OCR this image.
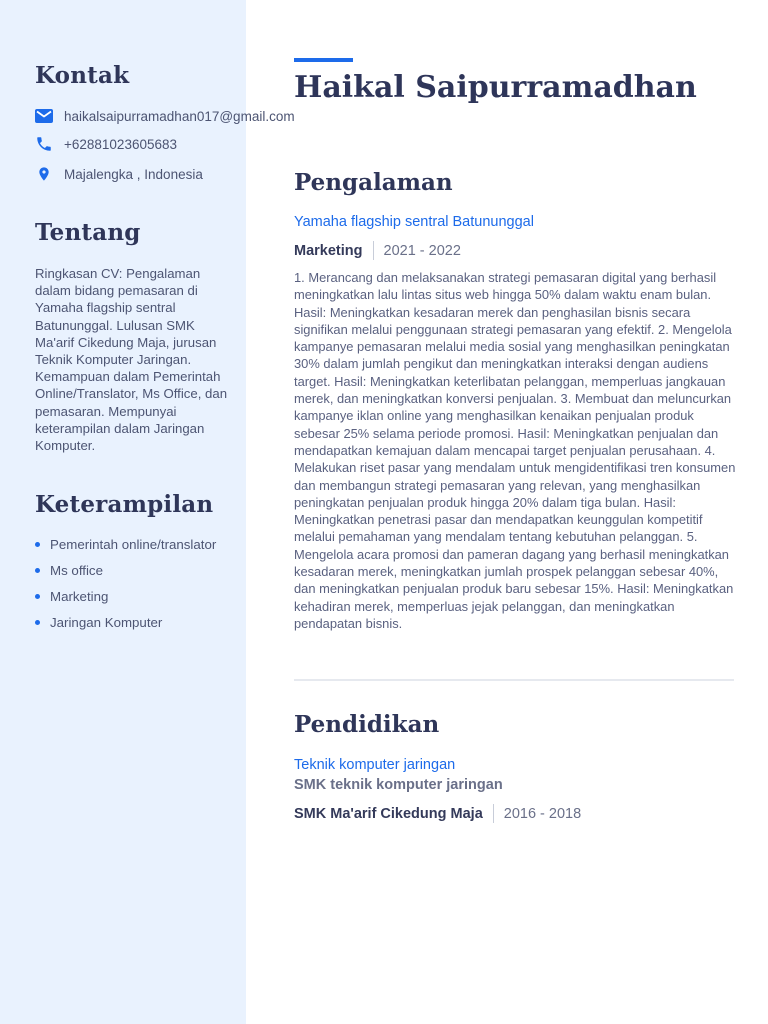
Kontak
haikalsaipurramadhan017@gmail.com
+62881023605683
Majalengka , Indonesia
Tentang

Ringkasan CV: Pengalaman dalam bidang pemasaran di Yamaha flagship sentral Batununggal. Lulusan SMK Ma'arif Cikedung Maja, jurusan Teknik Komputer Jaringan. Kemampuan dalam Pemerintah Online/Translator, Ms Office, dan pemasaran. Mempunyai keterampilan dalam Jaringan Komputer.

Keterampilan
Pemerintah online/translator
Ms office
Marketing
Jaringan Komputer
Haikal Saipurramadhan
Pengalaman
Yamaha flagship sentral Batununggal
Marketing 2021 - 2022

1. Merancang dan melaksanakan strategi pemasaran digital yang berhasil meningkatkan lalu lintas situs web hingga 50% dalam waktu enam bulan. Hasil: Meningkatkan kesadaran merek dan penghasilan bisnis secara signifikan melalui penggunaan strategi pemasaran yang efektif. 2. Mengelola kampanye pemasaran melalui media sosial yang menghasilkan peningkatan 30% dalam jumlah pengikut dan meningkatkan interaksi dengan audiens target. Hasil: Meningkatkan keterlibatan pelanggan, memperluas jangkauan merek, dan meningkatkan konversi penjualan. 3. Membuat dan meluncurkan kampanye iklan online yang menghasilkan kenaikan penjualan produk sebesar 25% selama periode promosi. Hasil: Meningkatkan penjualan dan mendapatkan kemajuan dalam mencapai target penjualan perusahaan. 4. Melakukan riset pasar yang mendalam untuk mengidentifikasi tren konsumen dan membangun strategi pemasaran yang relevan, yang menghasilkan peningkatan penjualan produk hingga 20% dalam tiga bulan. Hasil: Meningkatkan penetrasi pasar dan mendapatkan keunggulan kompetitif melalui pemahaman yang mendalam tentang kebutuhan pelanggan. 5. Mengelola acara promosi dan pameran dagang yang berhasil meningkatkan kesadaran merek, meningkatkan jumlah prospek pelanggan sebesar 40%, dan meningkatkan penjualan produk baru sebesar 15%. Hasil: Meningkatkan kehadiran merek, memperluas jejak pelanggan, dan meningkatkan pendapatan bisnis.

Pendidikan
Teknik komputer jaringan
SMK teknik komputer jaringan
SMK Ma'arif Cikedung Maja 2016 - 2018
